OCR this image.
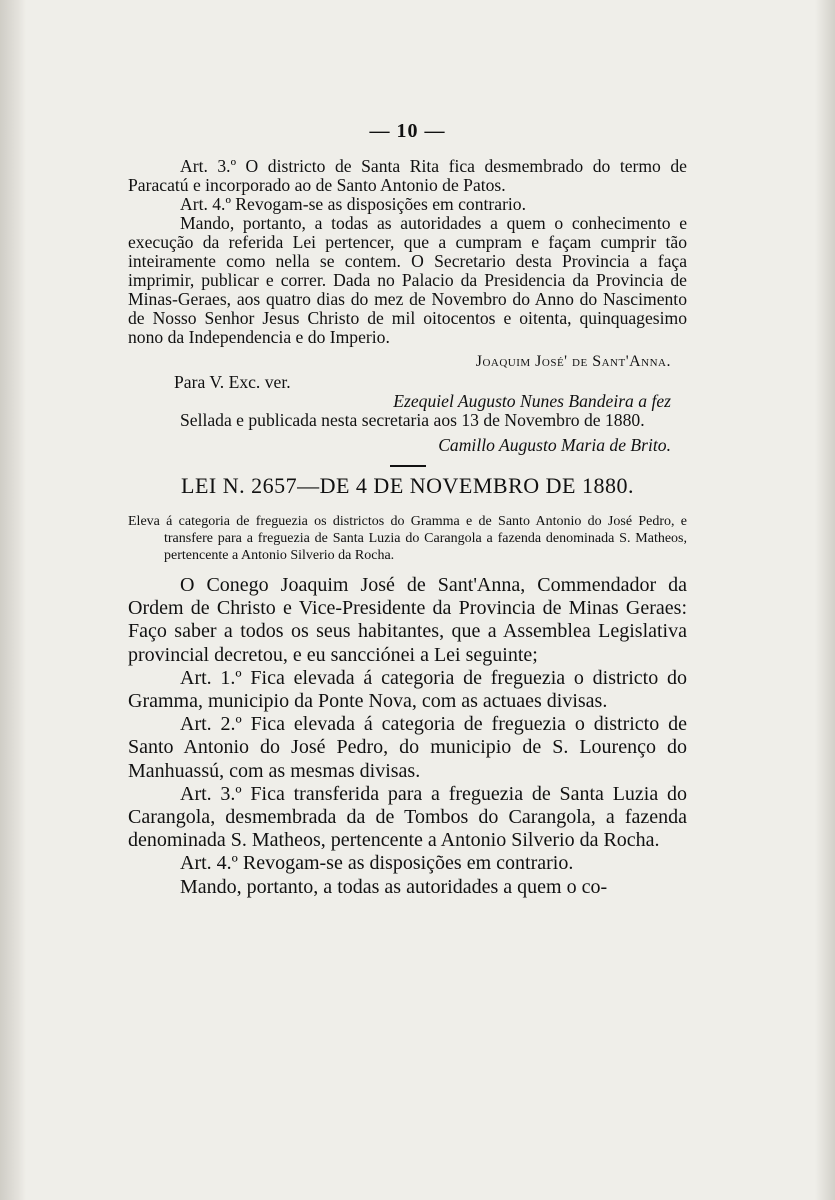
— 10 —

Art. 3.º O districto de Santa Rita fica desmembrado do termo de Paracatú e incorporado ao de Santo Antonio de Patos.

Art. 4.º Revogam-se as disposições em contrario.

Mando, portanto, a todas as autoridades a quem o conhecimento e execução da referida Lei pertencer, que a cumpram e façam cumprir tão inteiramente como nella se contem. O Secretario desta Provincia a faça imprimir, publicar e correr. Dada no Palacio da Presidencia da Provincia de Minas-Geraes, aos quatro dias do mez de Novembro do Anno do Nascimento de Nosso Senhor Jesus Christo de mil oitocentos e oitenta, quinquagesimo nono da Independencia e do Imperio.

Joaquim José' de Sant'Anna.

Para V. Exc. ver.

Ezequiel Augusto Nunes Bandeira a fez

Sellada e publicada nesta secretaria aos 13 de Novembro de 1880.

Camillo Augusto Maria de Brito.

LEI N. 2657—DE 4 DE NOVEMBRO DE 1880.

Eleva á categoria de freguezia os districtos do Gramma e de Santo Antonio do José Pedro, e transfere para a freguezia de Santa Luzia do Carangola a fazenda denominada S. Matheos, pertencente a Antonio Silverio da Rocha.

O Conego Joaquim José de Sant'Anna, Commendador da Ordem de Christo e Vice-Presidente da Provincia de Minas Geraes: Faço saber a todos os seus habitantes, que a Assemblea Legislativa provincial decretou, e eu sancciónei a Lei seguinte;

Art. 1.º Fica elevada á categoria de freguezia o districto do Gramma, municipio da Ponte Nova, com as actuaes divisas.

Art. 2.º Fica elevada á categoria de freguezia o districto de Santo Antonio do José Pedro, do municipio de S. Lourenço do Manhuassú, com as mesmas divisas.

Art. 3.º Fica transferida para a freguezia de Santa Luzia do Carangola, desmembrada da de Tombos do Carangola, a fazenda denominada S. Matheos, pertencente a Antonio Silverio da Rocha.

Art. 4.º Revogam-se as disposições em contrario.

Mando, portanto, a todas as autoridades a quem o co-
